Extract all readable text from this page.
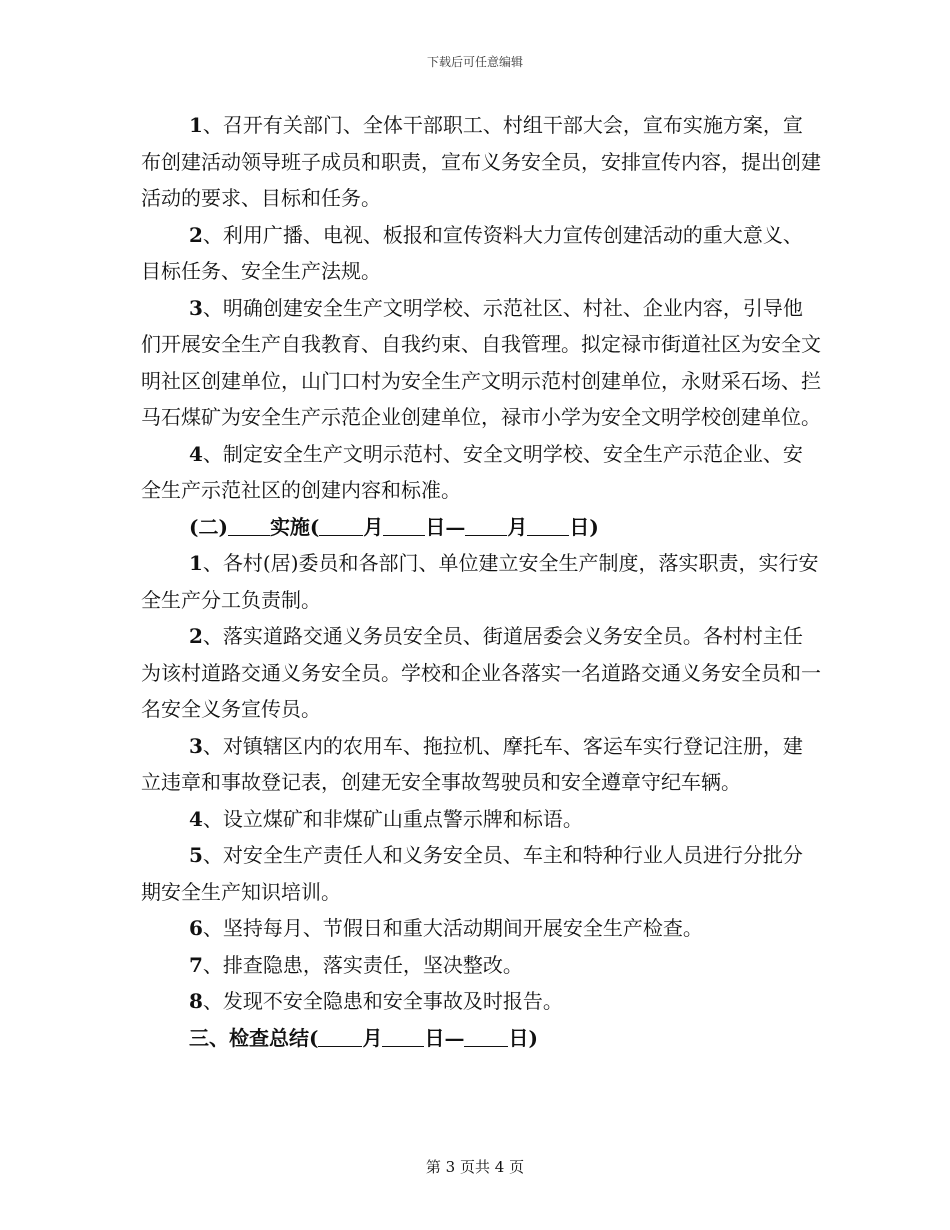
下载后可任意编辑

1、召开有关部门、全体干部职工、村组干部大会，宣布实施方案，宣布创建活动领导班子成员和职责，宣布义务安全员，安排宣传内容，提出创建活动的要求、目标和任务。

2、利用广播、电视、板报和宣传资料大力宣传创建活动的重大意义、目标任务、安全生产法规。

3、明确创建安全生产文明学校、示范社区、村社、企业内容，引导他们开展安全生产自我教育、自我约束、自我管理。拟定禄市街道社区为安全文明社区创建单位，山门口村为安全生产文明示范村创建单位，永财采石场、拦马石煤矿为安全生产示范企业创建单位，禄市小学为安全文明学校创建单位。

4、制定安全生产文明示范村、安全文明学校、安全生产示范企业、安全生产示范社区的创建内容和标准。

(二) 实施( 月 日— 月 日)

1、各村(居)委员和各部门、单位建立安全生产制度，落实职责，实行安全生产分工负责制。

2、落实道路交通义务员安全员、街道居委会义务安全员。各村村主任为该村道路交通义务安全员。学校和企业各落实一名道路交通义务安全员和一名安全义务宣传员。

3、对镇辖区内的农用车、拖拉机、摩托车、客运车实行登记注册，建立违章和事故登记表，创建无安全事故驾驶员和安全遵章守纪车辆。

4、设立煤矿和非煤矿山重点警示牌和标语。

5、对安全生产责任人和义务安全员、车主和特种行业人员进行分批分期安全生产知识培训。

6、坚持每月、节假日和重大活动期间开展安全生产检查。

7、排查隐患，落实责任，坚决整改。

8、发现不安全隐患和安全事故及时报告。

三、检查总结( 月 日— 日)
第 3 页共 4 页
